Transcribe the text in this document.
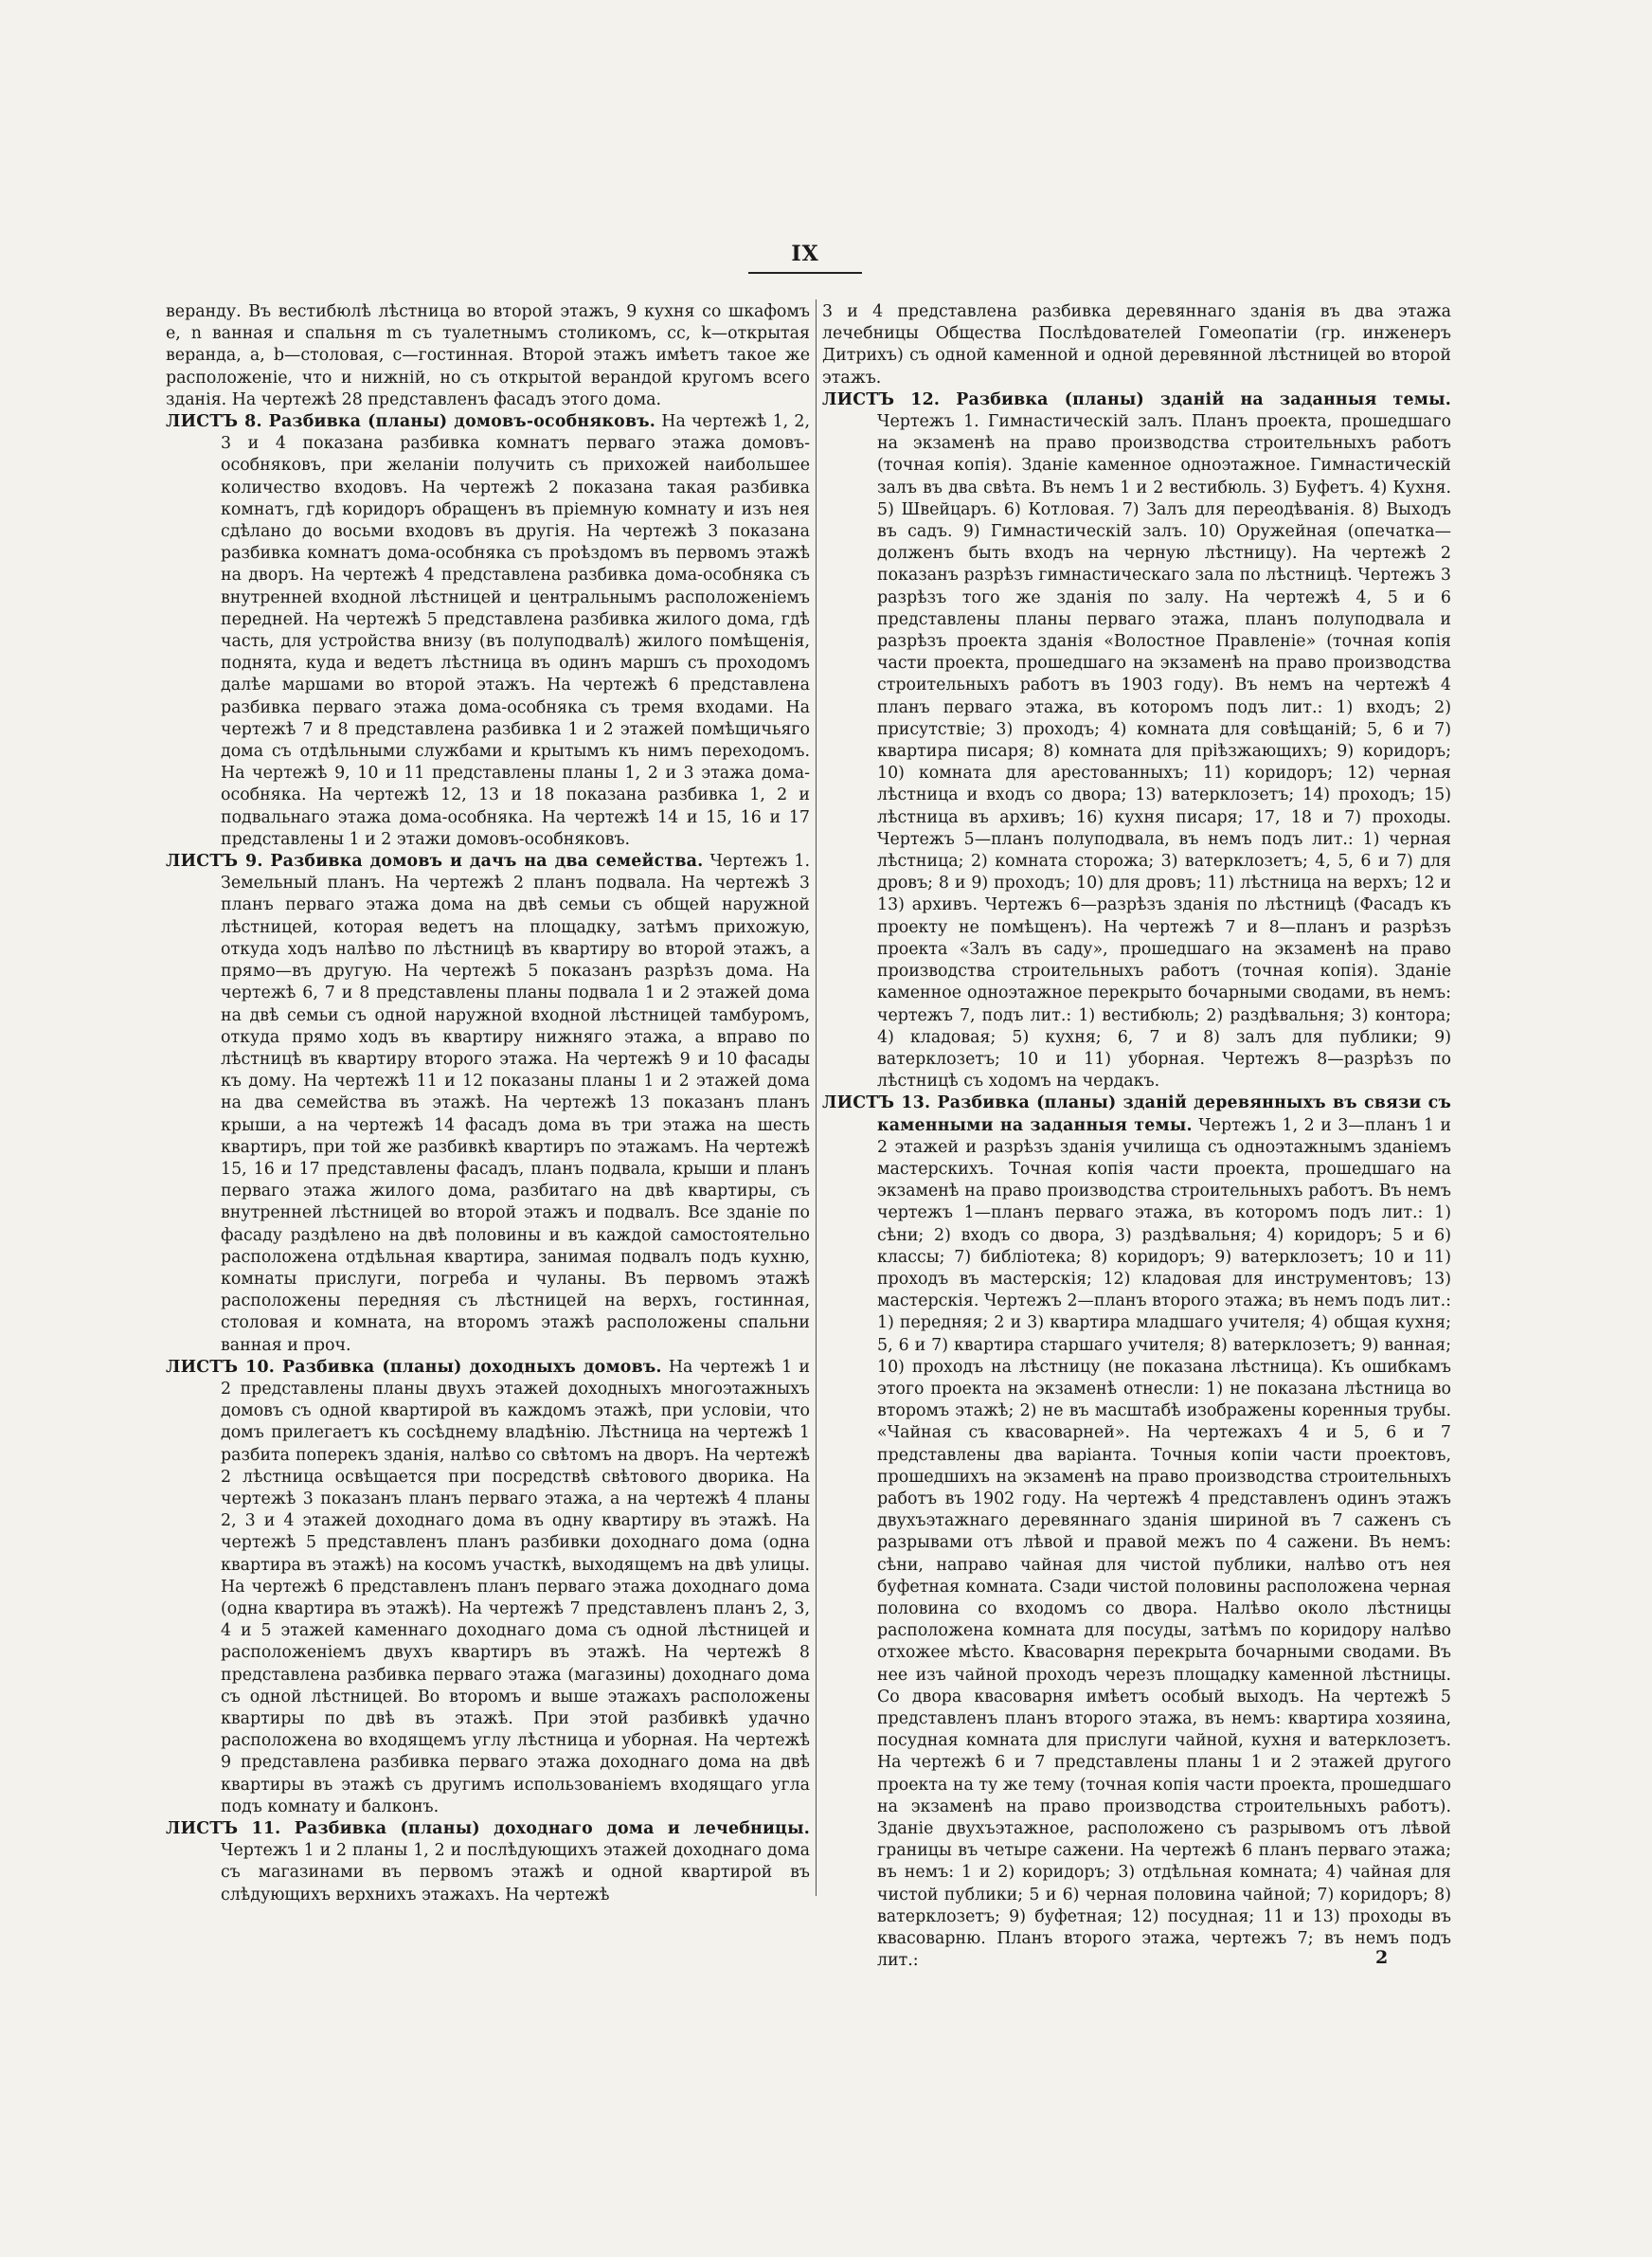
IX

веранду. Въ вестибюлѣ лѣстница во второй этажъ, 9 кухня со шкафомъ e, n ванная и спальня m съ туалетнымъ столикомъ, cc, k—открытая веранда, a, b—столовая, c—гостинная. Второй этажъ имѣетъ такое же расположеніе, что и нижній, но съ открытой верандой кругомъ всего зданія. На чертежѣ 28 представленъ фасадъ этого дома.

ЛИСТЪ 8. Разбивка (планы) домовъ-особняковъ. На чертежѣ 1, 2, 3 и 4 показана разбивка комнатъ перваго этажа домовъ-особняковъ, при желаніи получить съ прихожей наибольшее количество входовъ. На чертежѣ 2 показана такая разбивка комнатъ, гдѣ коридоръ обращенъ въ пріемную комнату и изъ нея сдѣлано до восьми входовъ въ другія. На чертежѣ 3 показана разбивка комнатъ дома-особняка съ проѣздомъ въ первомъ этажѣ на дворъ. На чертежѣ 4 представлена разбивка дома-особняка съ внутренней входной лѣстницей и центральнымъ расположеніемъ передней. На чертежѣ 5 представлена разбивка жилого дома, гдѣ часть, для устройства внизу (въ полуподвалѣ) жилого помѣщенія, поднята, куда и ведетъ лѣстница въ одинъ маршъ съ проходомъ далѣе маршами во второй этажъ. На чертежѣ 6 представлена разбивка перваго этажа дома-особняка съ тремя входами. На чертежѣ 7 и 8 представлена разбивка 1 и 2 этажей помѣщичьяго дома съ отдѣльными службами и крытымъ къ нимъ переходомъ. На чертежѣ 9, 10 и 11 представлены планы 1, 2 и 3 этажа дома-особняка. На чертежѣ 12, 13 и 18 показана разбивка 1, 2 и подвальнаго этажа дома-особняка. На чертежѣ 14 и 15, 16 и 17 представлены 1 и 2 этажи домовъ-особняковъ.

ЛИСТЪ 9. Разбивка домовъ и дачъ на два семейства. Чертежъ 1. Земельный планъ. На чертежѣ 2 планъ подвала. На чертежѣ 3 планъ перваго этажа дома на двѣ семьи съ общей наружной лѣстницей, которая ведетъ на площадку, затѣмъ прихожую, откуда ходъ налѣво по лѣстницѣ въ квартиру во второй этажъ, а прямо—въ другую. На чертежѣ 5 показанъ разрѣзъ дома. На чертежѣ 6, 7 и 8 представлены планы подвала 1 и 2 этажей дома на двѣ семьи съ одной наружной входной лѣстницей тамбуромъ, откуда прямо ходъ въ квартиру нижняго этажа, а вправо по лѣстницѣ въ квартиру второго этажа. На чертежѣ 9 и 10 фасады къ дому. На чертежѣ 11 и 12 показаны планы 1 и 2 этажей дома на два семейства въ этажѣ. На чертежѣ 13 показанъ планъ крыши, а на чертежѣ 14 фасадъ дома въ три этажа на шесть квартиръ, при той же разбивкѣ квартиръ по этажамъ. На чертежѣ 15, 16 и 17 представлены фасадъ, планъ подвала, крыши и планъ перваго этажа жилого дома, разбитаго на двѣ квартиры, съ внутренней лѣстницей во второй этажъ и подвалъ. Все зданіе по фасаду раздѣлено на двѣ половины и въ каждой самостоятельно расположена отдѣльная квартира, занимая подвалъ подъ кухню, комнаты прислуги, погреба и чуланы. Въ первомъ этажѣ расположены передняя съ лѣстницей на верхъ, гостинная, столовая и комната, на второмъ этажѣ расположены спальни ванная и проч.

ЛИСТЪ 10. Разбивка (планы) доходныхъ домовъ. На чертежѣ 1 и 2 представлены планы двухъ этажей доходныхъ многоэтажныхъ домовъ съ одной квартирой въ каждомъ этажѣ, при условіи, что домъ прилегаетъ къ сосѣднему владѣнію. Лѣстница на чертежѣ 1 разбита поперекъ зданія, налѣво со свѣтомъ на дворъ. На чертежѣ 2 лѣстница освѣщается при посредствѣ свѣтового дворика. На чертежѣ 3 показанъ планъ перваго этажа, а на чертежѣ 4 планы 2, 3 и 4 этажей доходнаго дома въ одну квартиру въ этажѣ. На чертежѣ 5 представленъ планъ разбивки доходнаго дома (одна квартира въ этажѣ) на косомъ участкѣ, выходящемъ на двѣ улицы. На чертежѣ 6 представленъ планъ перваго этажа доходнаго дома (одна квартира въ этажѣ). На чертежѣ 7 представленъ планъ 2, 3, 4 и 5 этажей каменнаго доходнаго дома съ одной лѣстницей и расположеніемъ двухъ квартиръ въ этажѣ. На чертежѣ 8 представлена разбивка перваго этажа (магазины) доходнаго дома съ одной лѣстницей. Во второмъ и выше этажахъ расположены квартиры по двѣ въ этажѣ. При этой разбивкѣ удачно расположена во входящемъ углу лѣстница и уборная. На чертежѣ 9 представлена разбивка перваго этажа доходнаго дома на двѣ квартиры въ этажѣ съ другимъ использованіемъ входящаго угла подъ комнату и балконъ.

ЛИСТЪ 11. Разбивка (планы) доходнаго дома и лечебницы. Чертежъ 1 и 2 планы 1, 2 и послѣдующихъ этажей доходнаго дома съ магазинами въ первомъ этажѣ и одной квартирой въ слѣдующихъ верхнихъ этажахъ. На чертежѣ

3 и 4 представлена разбивка деревяннаго зданія въ два этажа лечебницы Общества Послѣдователей Гомеопатіи (гр. инженеръ Дитрихъ) съ одной каменной и одной деревянной лѣстницей во второй этажъ.

ЛИСТЪ 12. Разбивка (планы) зданій на заданныя темы. Чертежъ 1. Гимнастическій залъ. Планъ проекта, прошедшаго на экзаменѣ на право производства строительныхъ работъ (точная копія). Зданіе каменное одноэтажное. Гимнастическій залъ въ два свѣта. Въ немъ 1 и 2 вестибюль. 3) Буфетъ. 4) Кухня. 5) Швейцаръ. 6) Котловая. 7) Залъ для переодѣванія. 8) Выходъ въ садъ. 9) Гимнастическій залъ. 10) Оружейная (опечатка—долженъ быть входъ на черную лѣстницу). На чертежѣ 2 показанъ разрѣзъ гимнастическаго зала по лѣстницѣ. Чертежъ 3 разрѣзъ того же зданія по залу. На чертежѣ 4, 5 и 6 представлены планы перваго этажа, планъ полуподвала и разрѣзъ проекта зданія «Волостное Правленіе» (точная копія части проекта, прошедшаго на экзаменѣ на право производства строительныхъ работъ въ 1903 году). Въ немъ на чертежѣ 4 планъ перваго этажа, въ которомъ подъ лит.: 1) входъ; 2) присутствіе; 3) проходъ; 4) комната для совѣщаній; 5, 6 и 7) квартира писаря; 8) комната для пріѣзжающихъ; 9) коридоръ; 10) комната для арестованныхъ; 11) коридоръ; 12) черная лѣстница и входъ со двора; 13) ватерклозетъ; 14) проходъ; 15) лѣстница въ архивъ; 16) кухня писаря; 17, 18 и 7) проходы. Чертежъ 5—планъ полуподвала, въ немъ подъ лит.: 1) черная лѣстница; 2) комната сторожа; 3) ватерклозетъ; 4, 5, 6 и 7) для дровъ; 8 и 9) проходъ; 10) для дровъ; 11) лѣстница на верхъ; 12 и 13) архивъ. Чертежъ 6—разрѣзъ зданія по лѣстницѣ (Фасадъ къ проекту не помѣщенъ). На чертежѣ 7 и 8—планъ и разрѣзъ проекта «Залъ въ саду», прошедшаго на экзаменѣ на право производства строительныхъ работъ (точная копія). Зданіе каменное одноэтажное перекрыто бочарными сводами, въ немъ: чертежъ 7, подъ лит.: 1) вестибюль; 2) раздѣвальня; 3) контора; 4) кладовая; 5) кухня; 6, 7 и 8) залъ для публики; 9) ватерклозетъ; 10 и 11) уборная. Чертежъ 8—разрѣзъ по лѣстницѣ съ ходомъ на чердакъ.

ЛИСТЪ 13. Разбивка (планы) зданій деревянныхъ въ связи съ каменными на заданныя темы. Чертежъ 1, 2 и 3—планъ 1 и 2 этажей и разрѣзъ зданія училища съ одноэтажнымъ зданіемъ мастерскихъ. Точная копія части проекта, прошедшаго на экзаменѣ на право производства строительныхъ работъ. Въ немъ чертежъ 1—планъ перваго этажа, въ которомъ подъ лит.: 1) сѣни; 2) входъ со двора, 3) раздѣвальня; 4) коридоръ; 5 и 6) классы; 7) библіотека; 8) коридоръ; 9) ватерклозетъ; 10 и 11) проходъ въ мастерскія; 12) кладовая для инструментовъ; 13) мастерскія. Чертежъ 2—планъ второго этажа; въ немъ подъ лит.: 1) передняя; 2 и 3) квартира младшаго учителя; 4) общая кухня; 5, 6 и 7) квартира старшаго учителя; 8) ватерклозетъ; 9) ванная; 10) проходъ на лѣстницу (не показана лѣстница). Къ ошибкамъ этого проекта на экзаменѣ отнесли: 1) не показана лѣстница во второмъ этажѣ; 2) не въ масштабѣ изображены коренныя трубы. «Чайная съ квасоварней». На чертежахъ 4 и 5, 6 и 7 представлены два варіанта. Точныя копіи части проектовъ, прошедшихъ на экзаменѣ на право производства строительныхъ работъ въ 1902 году. На чертежѣ 4 представленъ одинъ этажъ двухъэтажнаго деревяннаго зданія шириной въ 7 саженъ съ разрывами отъ лѣвой и правой межъ по 4 сажени. Въ немъ: сѣни, направо чайная для чистой публики, налѣво отъ нея буфетная комната. Сзади чистой половины расположена черная половина со входомъ со двора. Налѣво около лѣстницы расположена комната для посуды, затѣмъ по коридору налѣво отхожее мѣсто. Квасоварня перекрыта бочарными сводами. Въ нее изъ чайной проходъ черезъ площадку каменной лѣстницы. Со двора квасоварня имѣетъ особый выходъ. На чертежѣ 5 представленъ планъ второго этажа, въ немъ: квартира хозяина, посудная комната для прислуги чайной, кухня и ватерклозетъ. На чертежѣ 6 и 7 представлены планы 1 и 2 этажей другого проекта на ту же тему (точная копія части проекта, прошедшаго на экзаменѣ на право производства строительныхъ работъ). Зданіе двухъэтажное, расположено съ разрывомъ отъ лѣвой границы въ четыре сажени. На чертежѣ 6 планъ перваго этажа; въ немъ: 1 и 2) коридоръ; 3) отдѣльная комната; 4) чайная для чистой публики; 5 и 6) черная половина чайной; 7) коридоръ; 8) ватерклозетъ; 9) буфетная; 12) посудная; 11 и 13) проходы въ квасоварню. Планъ второго этажа, чертежъ 7; въ немъ подъ лит.:	2
